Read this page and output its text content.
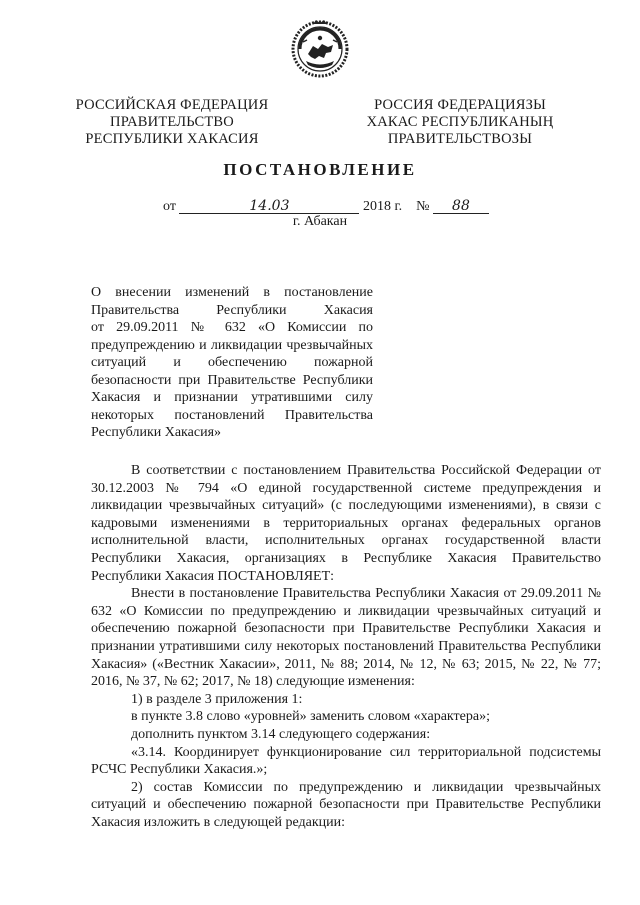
РОССИЙСКАЯ ФЕДЕРАЦИЯ
ПРАВИТЕЛЬСТВО
РЕСПУБЛИКИ ХАКАСИЯ
РОССИЯ ФЕДЕРАЦИЯЗЫ
ХАКАС РЕСПУБЛИКАНЫҢ
ПРАВИТЕЛЬСТВОЗЫ
ПОСТАНОВЛЕНИЕ
от	14.03	2018 г. № 88
г. Абакан
О внесении изменений в постановление
Правительства Республики Хакасия
от 29.09.2011 № 632 «О Комиссии по
предупреждению и ликвидации чрезвычайных
ситуаций и обеспечению пожарной
безопасности при Правительстве Республики
Хакасия и признании утратившими силу
некоторых постановлений Правительства
Республики Хакасия»

В соответствии с постановлением Правительства Российской Федерации от 30.12.2003 № 794 «О единой государственной системе предупреждения и ликвидации чрезвычайных ситуаций» (с последующими изменениями), в связи с кадровыми изменениями в территориальных органах федеральных органов исполнительной власти, исполнительных органах государственной власти Республики Хакасия, организациях в Республике Хакасия Правительство Республики Хакасия ПОСТАНОВЛЯЕТ:

Внести в постановление Правительства Республики Хакасия от 29.09.2011 № 632 «О Комиссии по предупреждению и ликвидации чрезвычайных ситуаций и обеспечению пожарной безопасности при Правительстве Республики Хакасия и признании утратившими силу некоторых постановлений Правительства Республики Хакасия» («Вестник Хакасии», 2011, № 88; 2014, № 12, № 63; 2015, № 22, № 77; 2016, № 37, № 62; 2017, № 18) следующие изменения:

1) в разделе 3 приложения 1:

в пункте 3.8 слово «уровней» заменить словом «характера»;

дополнить пунктом 3.14 следующего содержания:

«3.14. Координирует функционирование сил территориальной подсистемы РСЧС Республики Хакасия.»;

2) состав Комиссии по предупреждению и ликвидации чрезвычайных ситуаций и обеспечению пожарной безопасности при Правительстве Республики Хакасия изложить в следующей редакции:
